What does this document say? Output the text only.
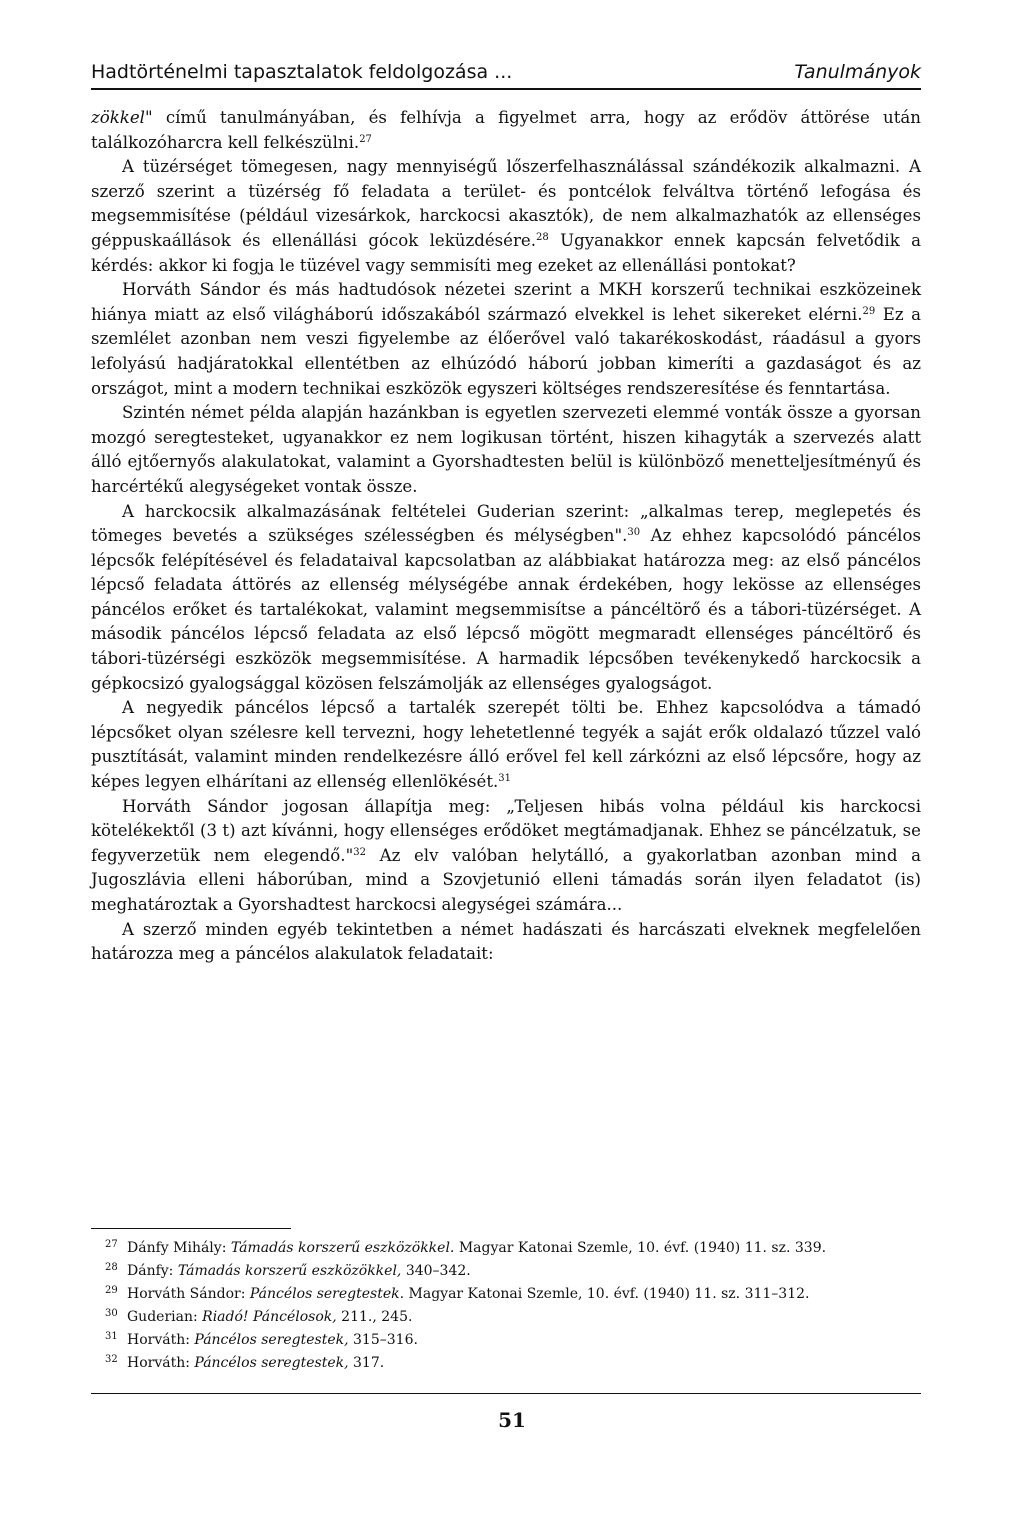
Hadtörténelmi tapasztalatok feldolgozása ...	Tanulmányok

zökkel" című tanulmányában, és felhívja a figyelmet arra, hogy az erődöv áttörése után találkozóharcra kell felkészülni.$^{27}$

A tüzérséget tömegesen, nagy mennyiségű lőszerfelhasználással szándékozik alkalmazni. A szerző szerint a tüzérség fő feladata a terület- és pontcélok felváltva történő lefogása és megsemmisítése (például vizesárkok, harckocsi akasztók), de nem alkalmazhatók az ellenséges géppuskaállások és ellenállási gócok leküzdésére.$^{28}$ Ugyanakkor ennek kapcsán felvetődik a kérdés: akkor ki fogja le tüzével vagy semmisíti meg ezeket az ellenállási pontokat?

Horváth Sándor és más hadtudósok nézetei szerint a MKH korszerű technikai eszközeinek hiánya miatt az első világháború időszakából származó elvekkel is lehet sikereket elérni.$^{29}$ Ez a szemlélet azonban nem veszi figyelembe az élőerővel való takarékoskodást, ráadásul a gyors lefolyású hadjáratokkal ellentétben az elhúzódó háború jobban kimeríti a gazdaságot és az országot, mint a modern technikai eszközök egyszeri költséges rendszeresítése és fenntartása.

Szintén német példa alapján hazánkban is egyetlen szervezeti elemmé vonták össze a gyorsan mozgó seregtesteket, ugyanakkor ez nem logikusan történt, hiszen kihagyták a szervezés alatt álló ejtőernyős alakulatokat, valamint a Gyorshadtesten belül is különböző menetteljesítményű és harcértékű alegységeket vontak össze.

A harckocsik alkalmazásának feltételei Guderian szerint: „alkalmas terep, meglepetés és tömeges bevetés a szükséges szélességben és mélységben".$^{30}$ Az ehhez kapcsolódó páncélos lépcsők felépítésével és feladataival kapcsolatban az alábbiakat határozza meg: az első páncélos lépcső feladata áttörés az ellenség mélységébe annak érdekében, hogy lekösse az ellenséges páncélos erőket és tartalékokat, valamint megsemmisítse a páncéltörő és a tábori-tüzérséget. A második páncélos lépcső feladata az első lépcső mögött megmaradt ellenséges páncéltörő és tábori-tüzérségi eszközök megsemmisítése. A harmadik lépcsőben tevékenykedő harckocsik a gépkocsizó gyalogsággal közösen felszámolják az ellenséges gyalogságot.

A negyedik páncélos lépcső a tartalék szerepét tölti be. Ehhez kapcsolódva a támadó lépcsőket olyan szélesre kell tervezni, hogy lehetetlenné tegyék a saját erők oldalazó tűzzel való pusztítását, valamint minden rendelkezésre álló erővel fel kell zárkózni az első lépcsőre, hogy az képes legyen elhárítani az ellenség ellenlökését.$^{31}$

Horváth Sándor jogosan állapítja meg: „Teljesen hibás volna például kis harckocsi kötelékektől (3 t) azt kívánni, hogy ellenséges erődöket megtámadjanak. Ehhez se páncélzatuk, se fegyverzetük nem elegendő."$^{32}$ Az elv valóban helytálló, a gyakorlatban azonban mind a Jugoszlávia elleni háborúban, mind a Szovjetunió elleni támadás során ilyen feladatot (is) meghatároztak a Gyorshadtest harckocsi alegységei számára...

A szerző minden egyéb tekintetben a német hadászati és harcászati elveknek megfelelően határozza meg a páncélos alakulatok feladatait:

27 Dánfy Mihály: Támadás korszerű eszközökkel. Magyar Katonai Szemle, 10. évf. (1940) 11. sz. 339.
28 Dánfy: Támadás korszerű eszközökkel, 340–342.
29 Horváth Sándor: Páncélos seregtestek. Magyar Katonai Szemle, 10. évf. (1940) 11. sz. 311–312.
30 Guderian: Riadó! Páncélosok, 211., 245.
31 Horváth: Páncélos seregtestek, 315–316.
32 Horváth: Páncélos seregtestek, 317.
51
